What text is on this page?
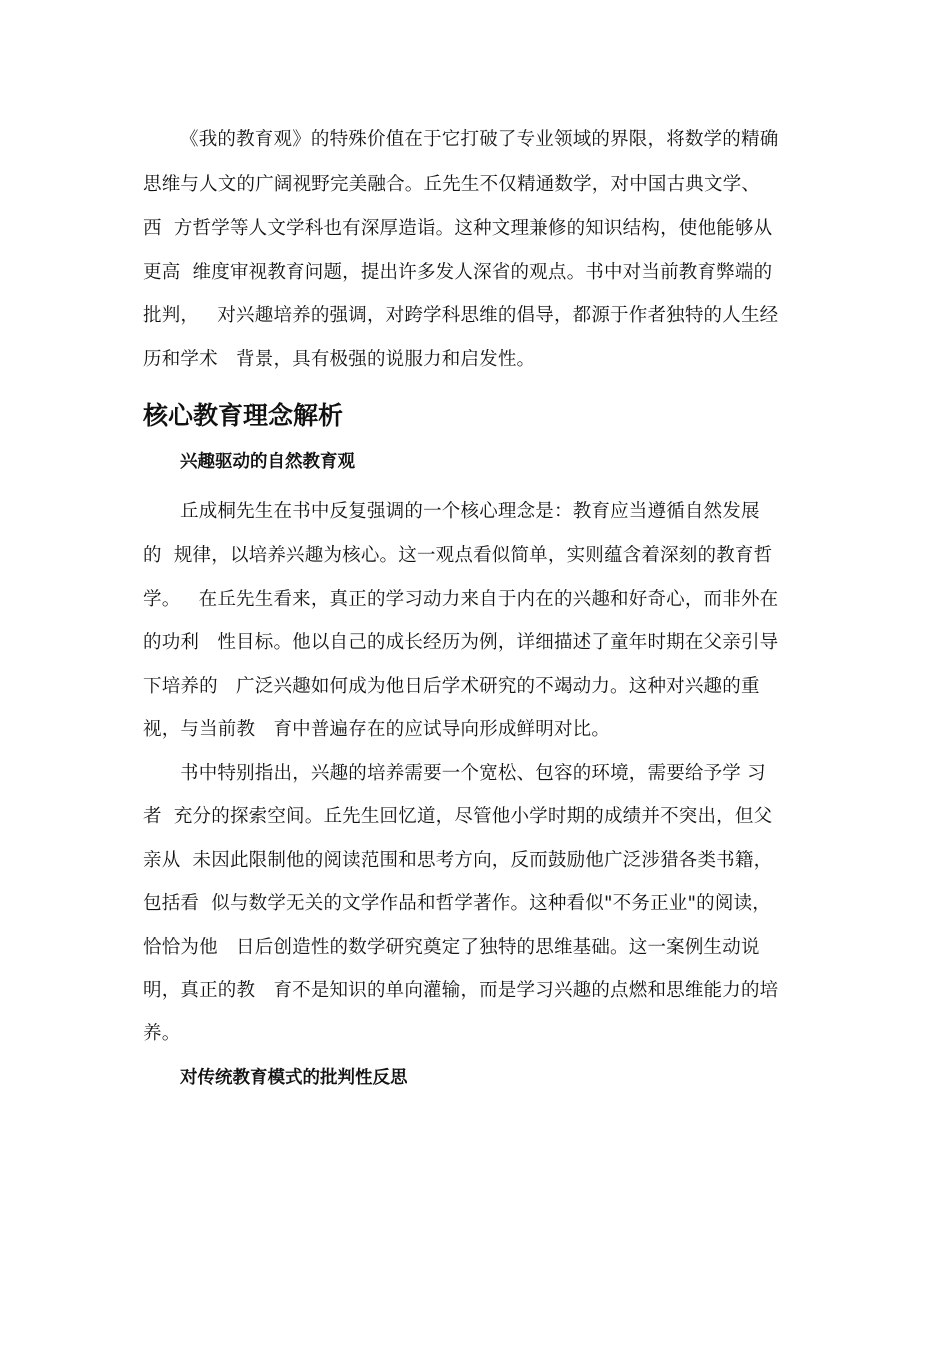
《我的教育观》的特殊价值在于它打破了专业领域的界限，将数学的精确
思维与人文的广阔视野完美融合。丘先生不仅精通数学，对中国古典文学、
西  方哲学等人文学科也有深厚造诣。这种文理兼修的知识结构，使他能够从
更高  维度审视教育问题，提出许多发人深省的观点。书中对当前教育弊端的
批判，   对兴趣培养的强调，对跨学科思维的倡导，都源于作者独特的人生经
历和学术   背景，具有极强的说服力和启发性。
核心教育理念解析
兴趣驱动的自然教育观
丘成桐先生在书中反复强调的一个核心理念是：教育应当遵循自然发展
的  规律，以培养兴趣为核心。这一观点看似简单，实则蕴含着深刻的教育哲
学。   在丘先生看来，真正的学习动力来自于内在的兴趣和好奇心，而非外在
的功利   性目标。他以自己的成长经历为例，详细描述了童年时期在父亲引导
下培养的   广泛兴趣如何成为他日后学术研究的不竭动力。这种对兴趣的重
视，与当前教   育中普遍存在的应试导向形成鲜明对比。
书中特别指出，兴趣的培养需要一个宽松、包容的环境，需要给予学 习
者  充分的探索空间。丘先生回忆道，尽管他小学时期的成绩并不突出，但父
亲从  未因此限制他的阅读范围和思考方向，反而鼓励他广泛涉猎各类书籍，
包括看  似与数学无关的文学作品和哲学著作。这种看似"不务正业"的阅读，
恰恰为他   日后创造性的数学研究奠定了独特的思维基础。这一案例生动说
明，真正的教   育不是知识的单向灌输，而是学习兴趣的点燃和思维能力的培
养。
对传统教育模式的批判性反思
